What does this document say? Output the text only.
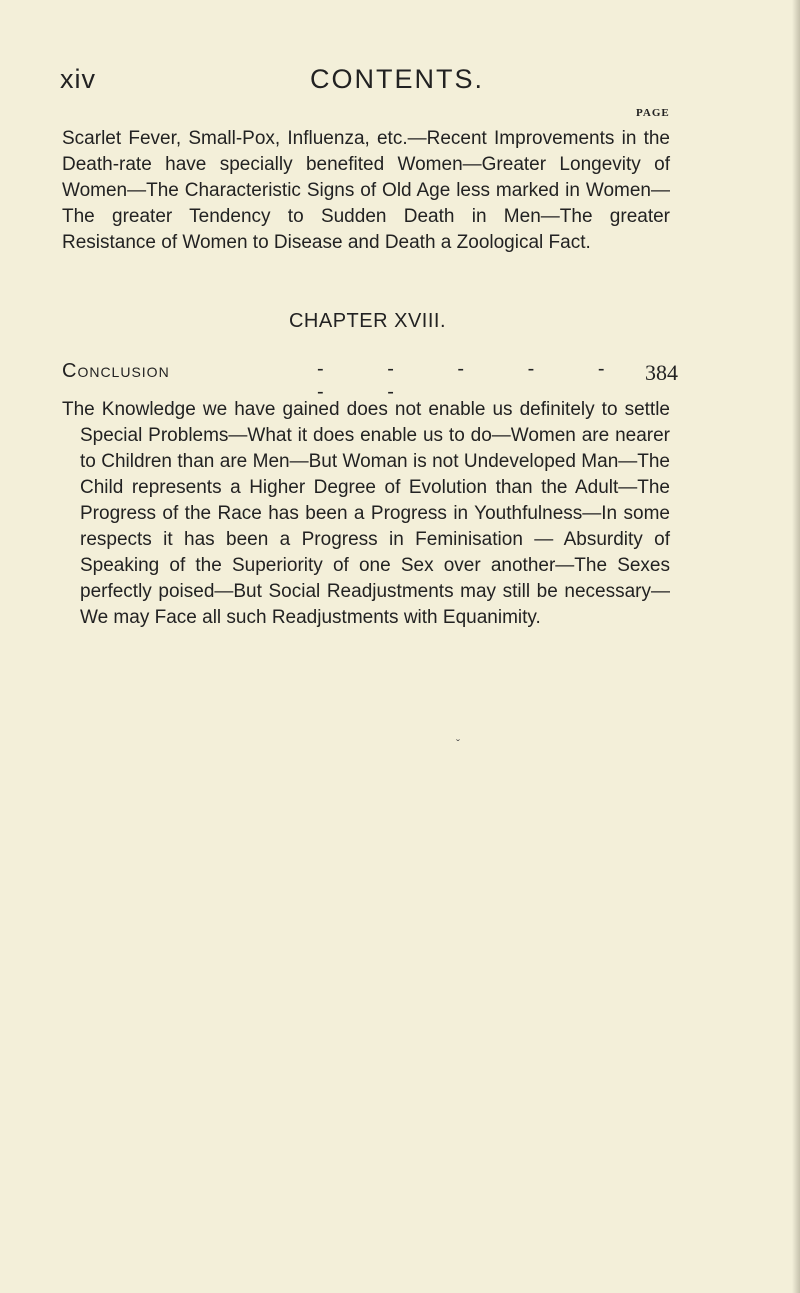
xiv	CONTENTS.
PAGE
Scarlet Fever, Small-Pox, Influenza, etc.—Recent Improvements in the Death-rate have specially benefited Women—Greater Longevity of Women—The Characteristic Signs of Old Age less marked in Women—The greater Tendency to Sudden Death in Men—The greater Resistance of Women to Disease and Death a Zoological Fact.
CHAPTER XVIII.
Conclusion	- - - - - - -
384
The Knowledge we have gained does not enable us definitely to settle Special Problems—What it does enable us to do—Women are nearer to Children than are Men—But Woman is not Undeveloped Man—The Child represents a Higher Degree of Evolution than the Adult—The Progress of the Race has been a Progress in Youthfulness—In some respects it has been a Progress in Feminisation — Absurdity of Speaking of the Superiority of one Sex over another—The Sexes perfectly poised—But Social Readjustments may still be necessary—We may Face all such Readjustments with Equanimity.
ˇ
